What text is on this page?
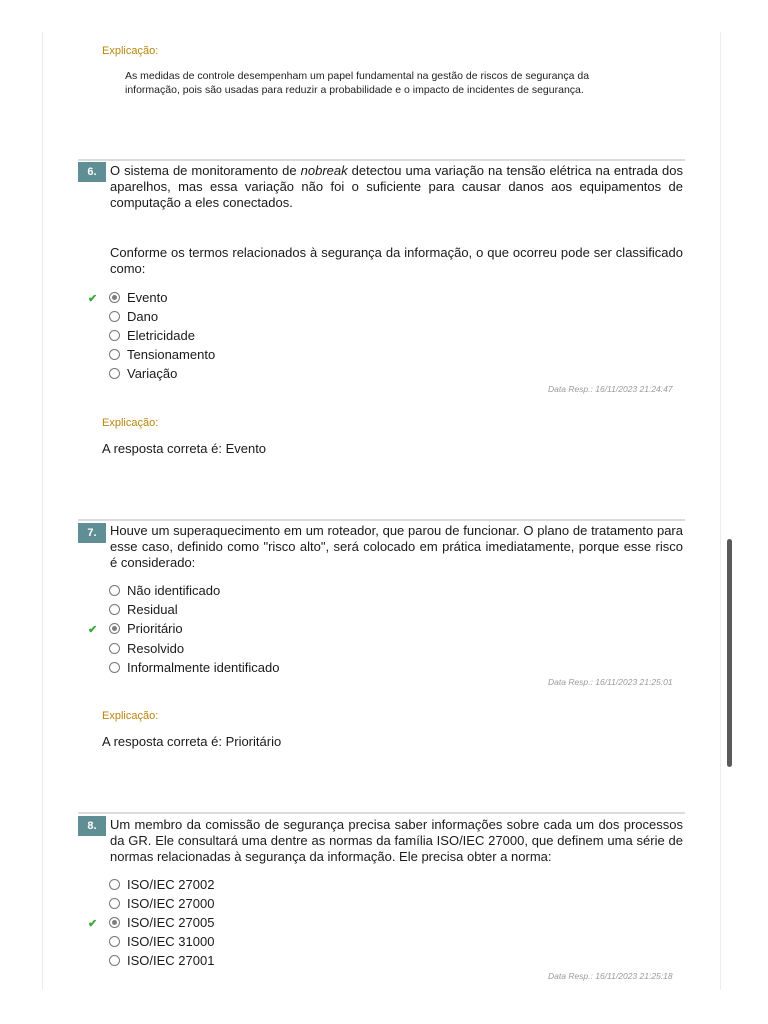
Explicação:
As medidas de controle desempenham um papel fundamental na gestão de riscos de segurança da informação, pois são usadas para reduzir a probabilidade e o impacto de incidentes de segurança.
6.	O sistema de monitoramento de nobreak detectou uma variação na tensão elétrica na entrada dos aparelhos, mas essa variação não foi o suficiente para causar danos aos equipamentos de computação a eles conectados.
Conforme os termos relacionados à segurança da informação, o que ocorreu pode ser classificado como:
✔ Evento
Dano
Eletricidade
Tensionamento
Variação
Data Resp.: 16/11/2023 21:24:47
Explicação:
A resposta correta é: Evento
7.	Houve um superaquecimento em um roteador, que parou de funcionar. O plano de tratamento para esse caso, definido como "risco alto", será colocado em prática imediatamente, porque esse risco é considerado:
Não identificado
Residual
✔ Prioritário
Resolvido
Informalmente identificado
Data Resp.: 16/11/2023 21:25:01
Explicação:
A resposta correta é: Prioritário
8.	Um membro da comissão de segurança precisa saber informações sobre cada um dos processos da GR. Ele consultará uma dentre as normas da família ISO/IEC 27000, que definem uma série de normas relacionadas à segurança da informação. Ele precisa obter a norma:
ISO/IEC 27002
ISO/IEC 27000
✔ ISO/IEC 27005
ISO/IEC 31000
ISO/IEC 27001
Data Resp.: 16/11/2023 21:25:18
